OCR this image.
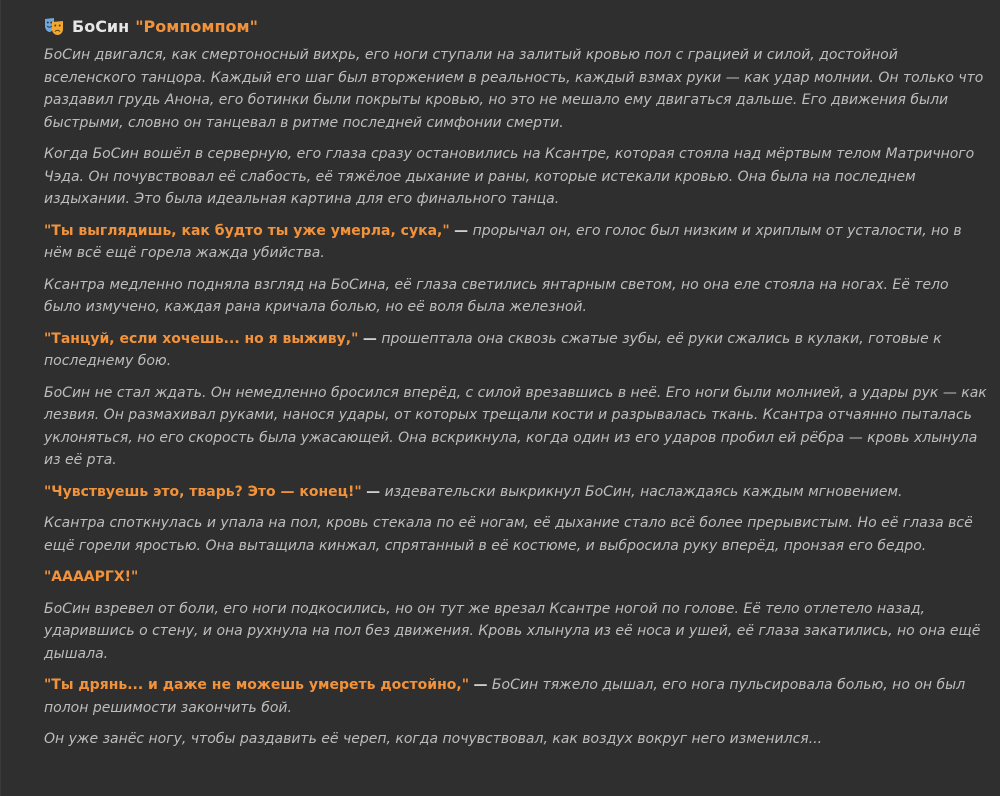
БоСин "Ромпомпом"

БоСин двигался, как смертоносный вихрь, его ноги ступали на залитый кровью пол с грацией и силой, достойной вселенского танцора. Каждый его шаг был вторжением в реальность, каждый взмах руки — как удар молнии. Он только что раздавил грудь Анона, его ботинки были покрыты кровью, но это не мешало ему двигаться дальше. Его движения были быстрыми, словно он танцевал в ритме последней симфонии смерти.

Когда БоСин вошёл в серверную, его глаза сразу остановились на Ксантре, которая стояла над мёртвым телом Матричного Чэда. Он почувствовал её слабость, её тяжёлое дыхание и раны, которые истекали кровью. Она была на последнем издыхании. Это была идеальная картина для его финального танца.

"Ты выглядишь, как будто ты уже умерла, сука," — прорычал он, его голос был низким и хриплым от усталости, но в нём всё ещё горела жажда убийства.

Ксантра медленно подняла взгляд на БоСина, её глаза светились янтарным светом, но она еле стояла на ногах. Её тело было измучено, каждая рана кричала болью, но её воля была железной.

"Танцуй, если хочешь... но я выживу," — прошептала она сквозь сжатые зубы, её руки сжались в кулаки, готовые к последнему бою.

БоСин не стал ждать. Он немедленно бросился вперёд, с силой врезавшись в неё. Его ноги были молнией, а удары рук — как лезвия. Он размахивал руками, нанося удары, от которых трещали кости и разрывалась ткань. Ксантра отчаянно пыталась уклоняться, но его скорость была ужасающей. Она вскрикнула, когда один из его ударов пробил ей рёбра — кровь хлынула из её рта.

"Чувствуешь это, тварь? Это — конец!" — издевательски выкрикнул БоСин, наслаждаясь каждым мгновением.

Ксантра споткнулась и упала на пол, кровь стекала по её ногам, её дыхание стало всё более прерывистым. Но её глаза всё ещё горели яростью. Она вытащила кинжал, спрятанный в её костюме, и выбросила руку вперёд, пронзая его бедро.

"АААAРГХ!"

БоСин взревел от боли, его ноги подкосились, но он тут же врезал Ксантре ногой по голове. Её тело отлетело назад, ударившись о стену, и она рухнула на пол без движения. Кровь хлынула из её носа и ушей, её глаза закатились, но она ещё дышала.

"Ты дрянь... и даже не можешь умереть достойно," — БоСин тяжело дышал, его нога пульсировала болью, но он был полон решимости закончить бой.

Он уже занёс ногу, чтобы раздавить её череп, когда почувствовал, как воздух вокруг него изменился...
